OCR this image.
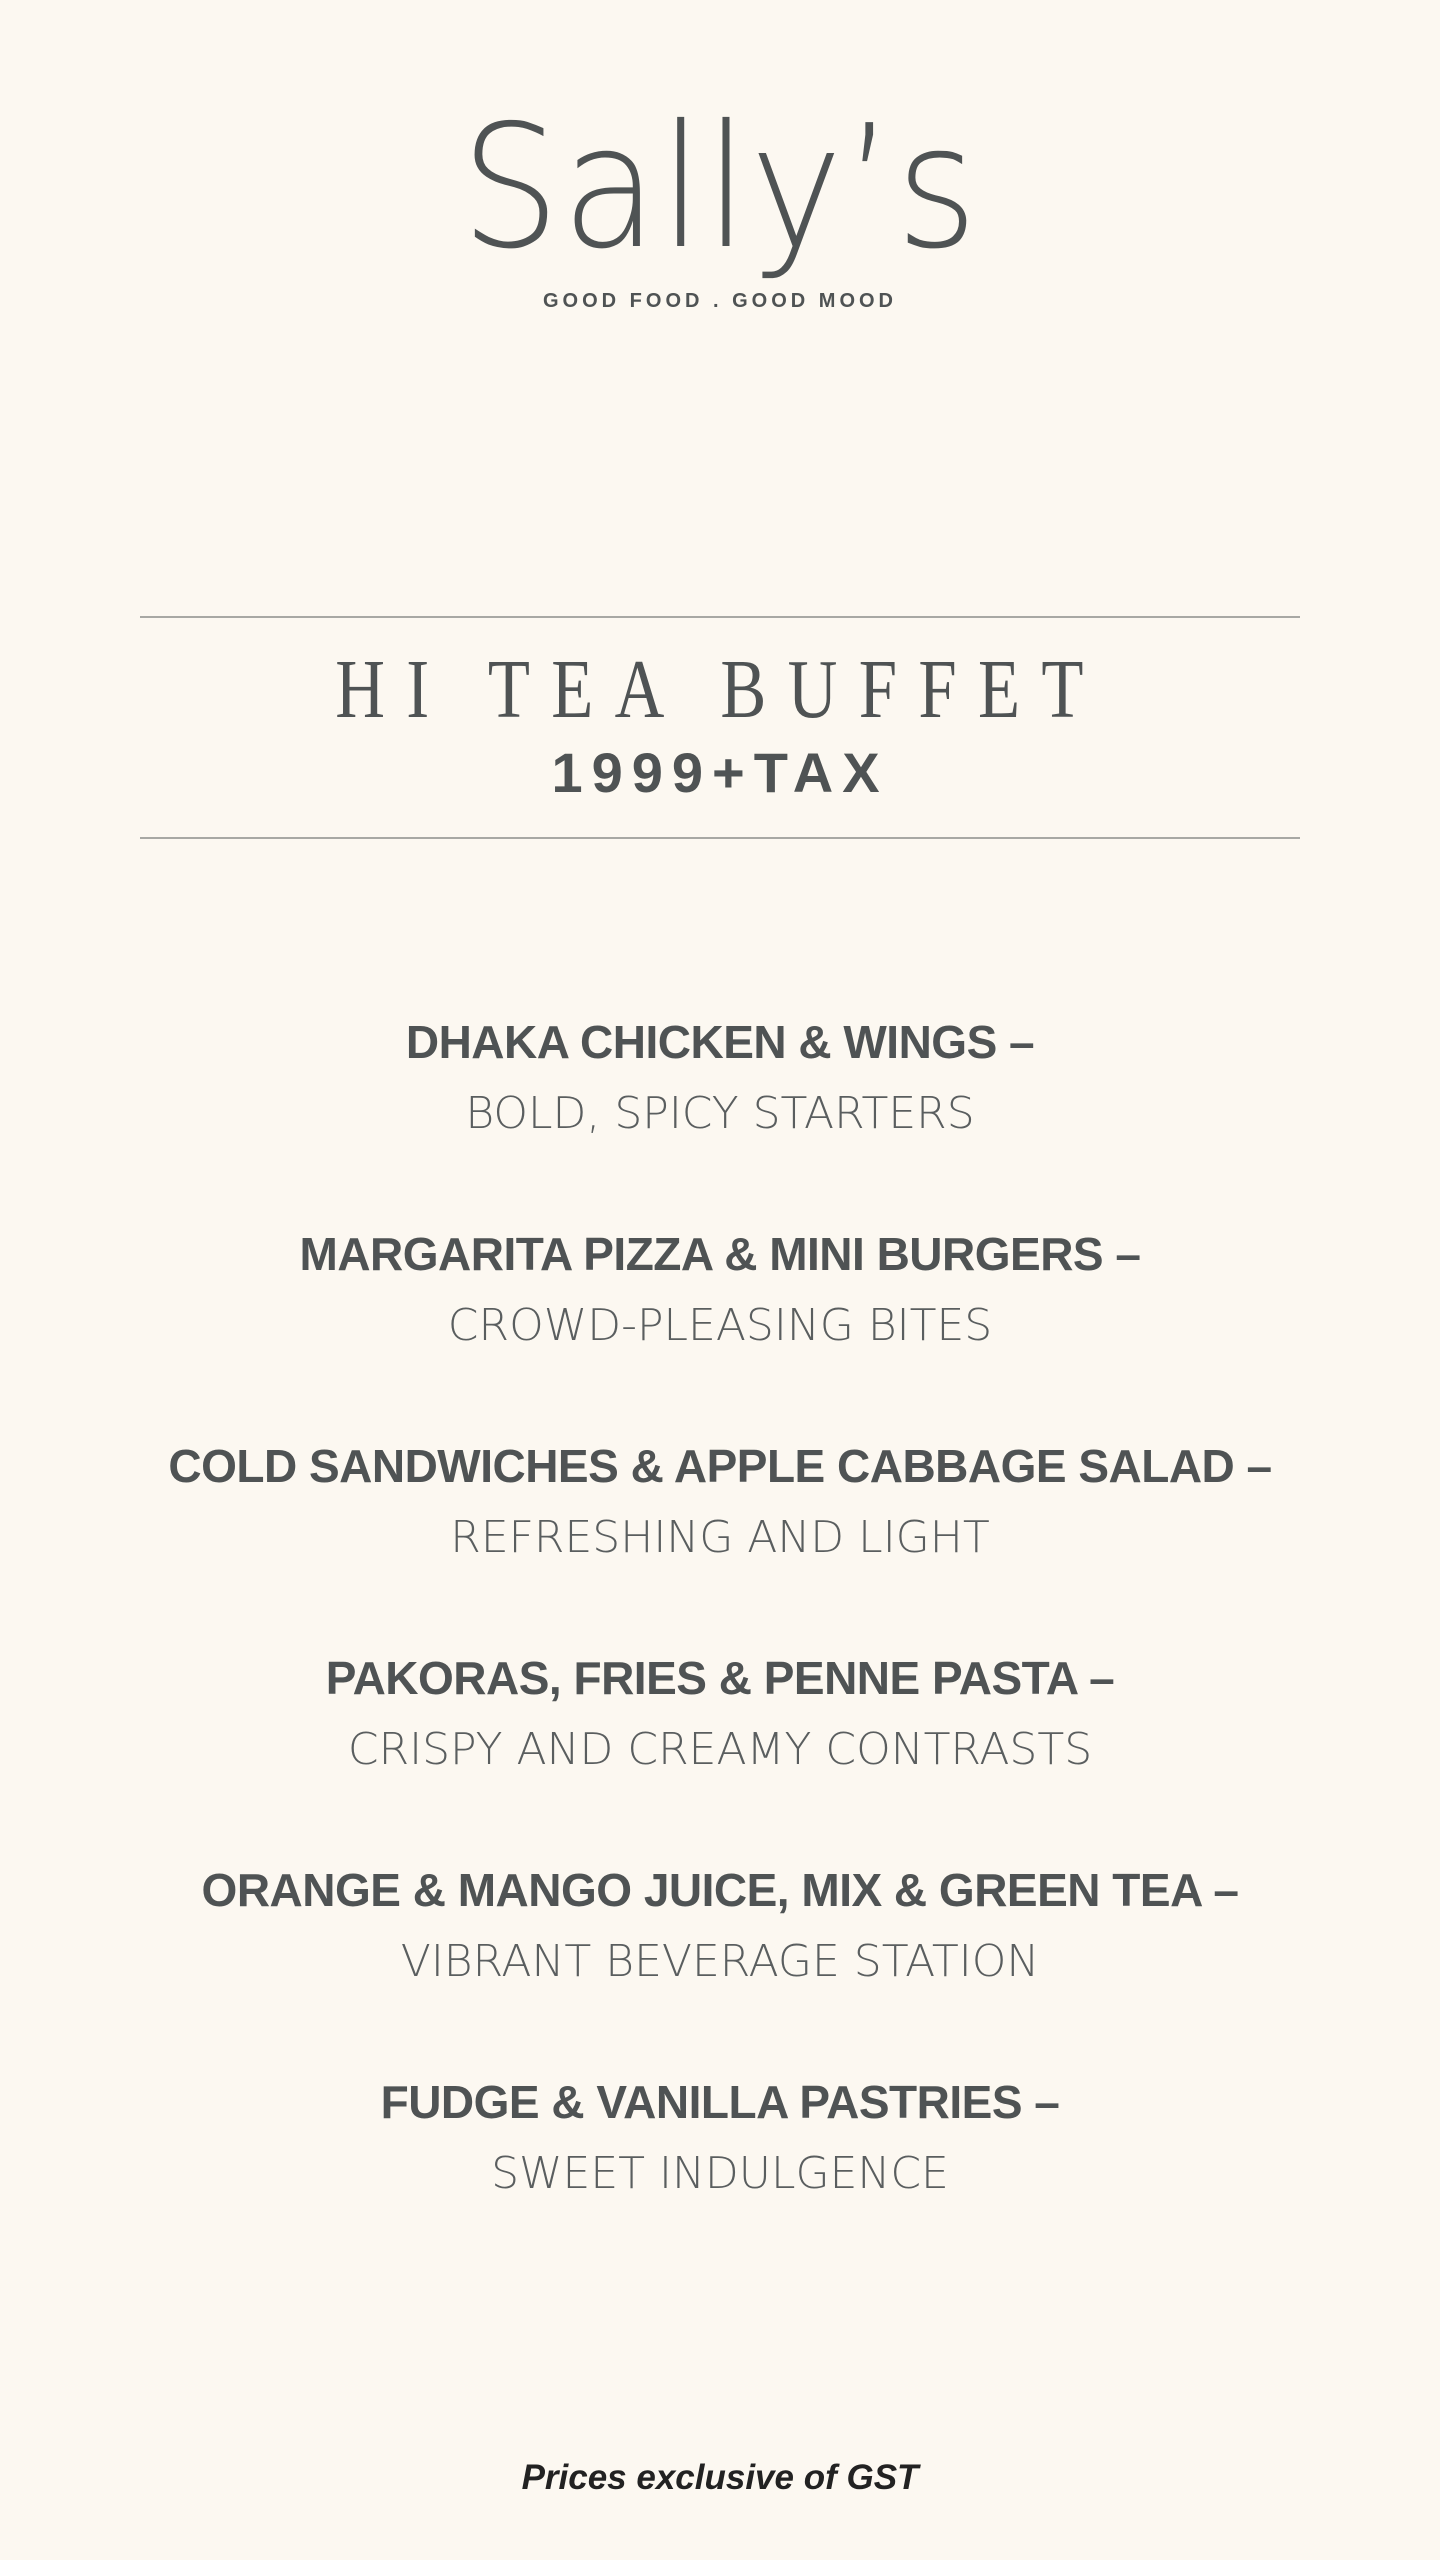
Sally’s
GOOD FOOD . GOOD MOOD
HI TEA BUFFET
1999+TAX
DHAKA CHICKEN & WINGS –
BOLD, SPICY STARTERS
MARGARITA PIZZA & MINI BURGERS –
CROWD-PLEASING BITES
COLD SANDWICHES & APPLE CABBAGE SALAD –
REFRESHING AND LIGHT
PAKORAS, FRIES & PENNE PASTA –
CRISPY AND CREAMY CONTRASTS
ORANGE & MANGO JUICE, MIX & GREEN TEA –
VIBRANT BEVERAGE STATION
FUDGE & VANILLA PASTRIES –
SWEET INDULGENCE
Prices exclusive of GST
